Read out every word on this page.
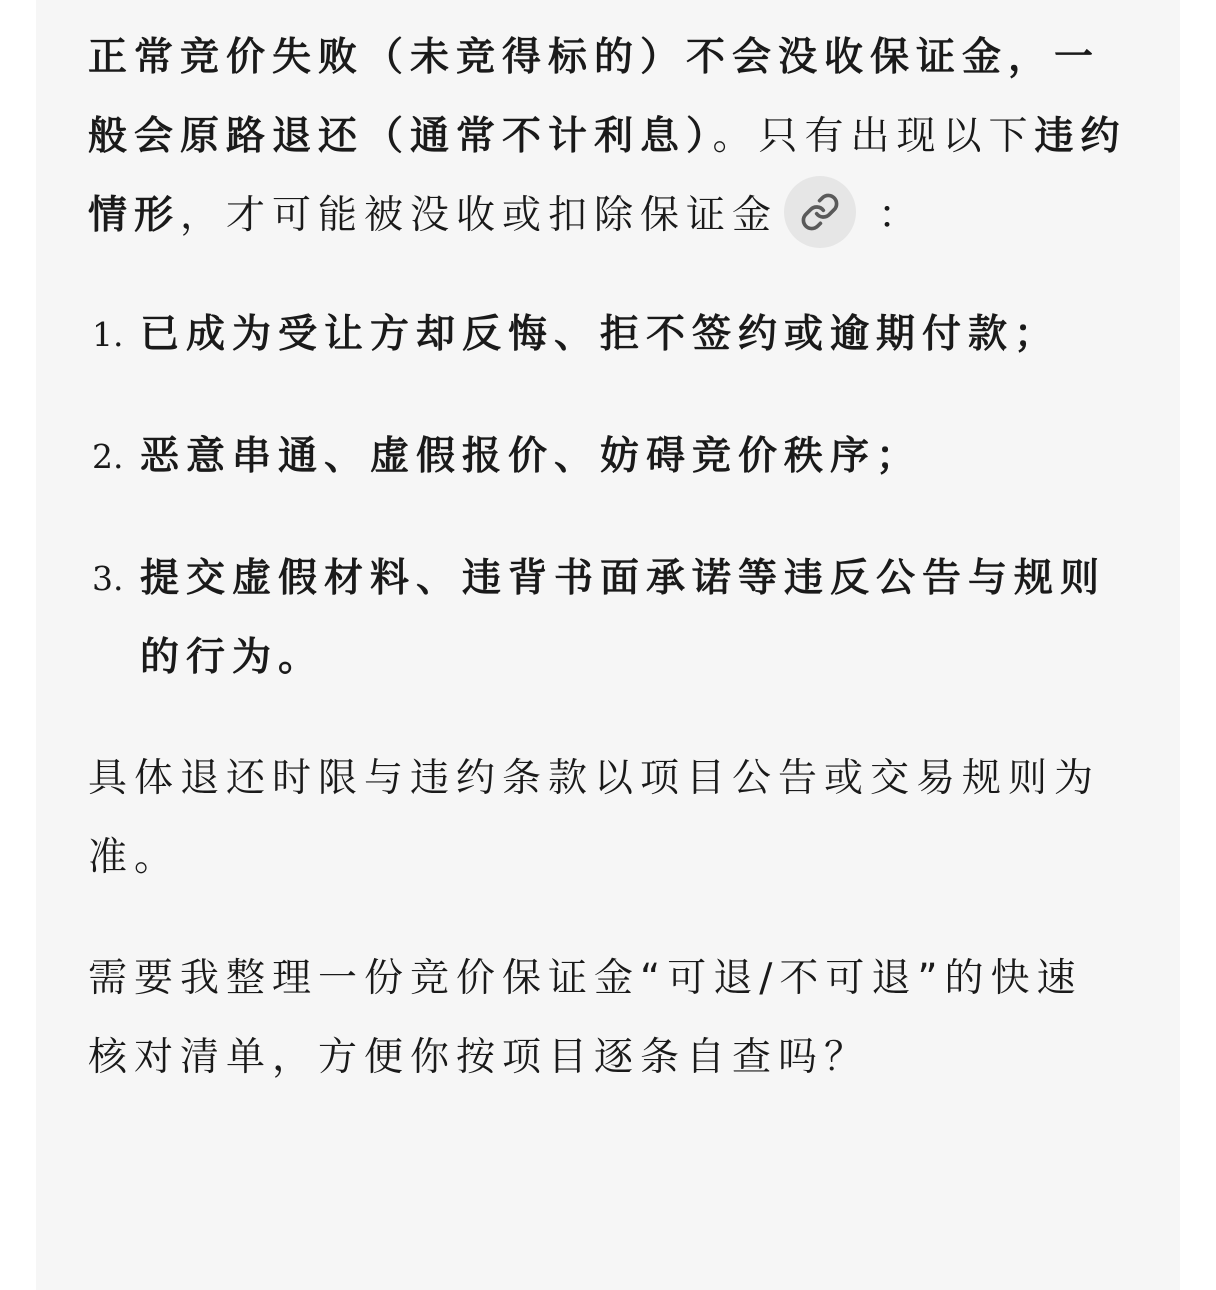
正常竞价失败（未竞得标的）不会没收保证金，一般会原路退还（通常不计利息）。只有出现以下违约情形，才可能被没收或扣除保证金	：

1. 已成为受让方却反悔、拒不签约或逾期付款；
2. 恶意串通、虚假报价、妨碍竞价秩序；
3. 提交虚假材料、违背书面承诺等违反公告与规则的行为。

具体退还时限与违约条款以项目公告或交易规则为准。

需要我整理一份竞价保证金“可退/不可退”的快速核对清单，方便你按项目逐条自查吗？
